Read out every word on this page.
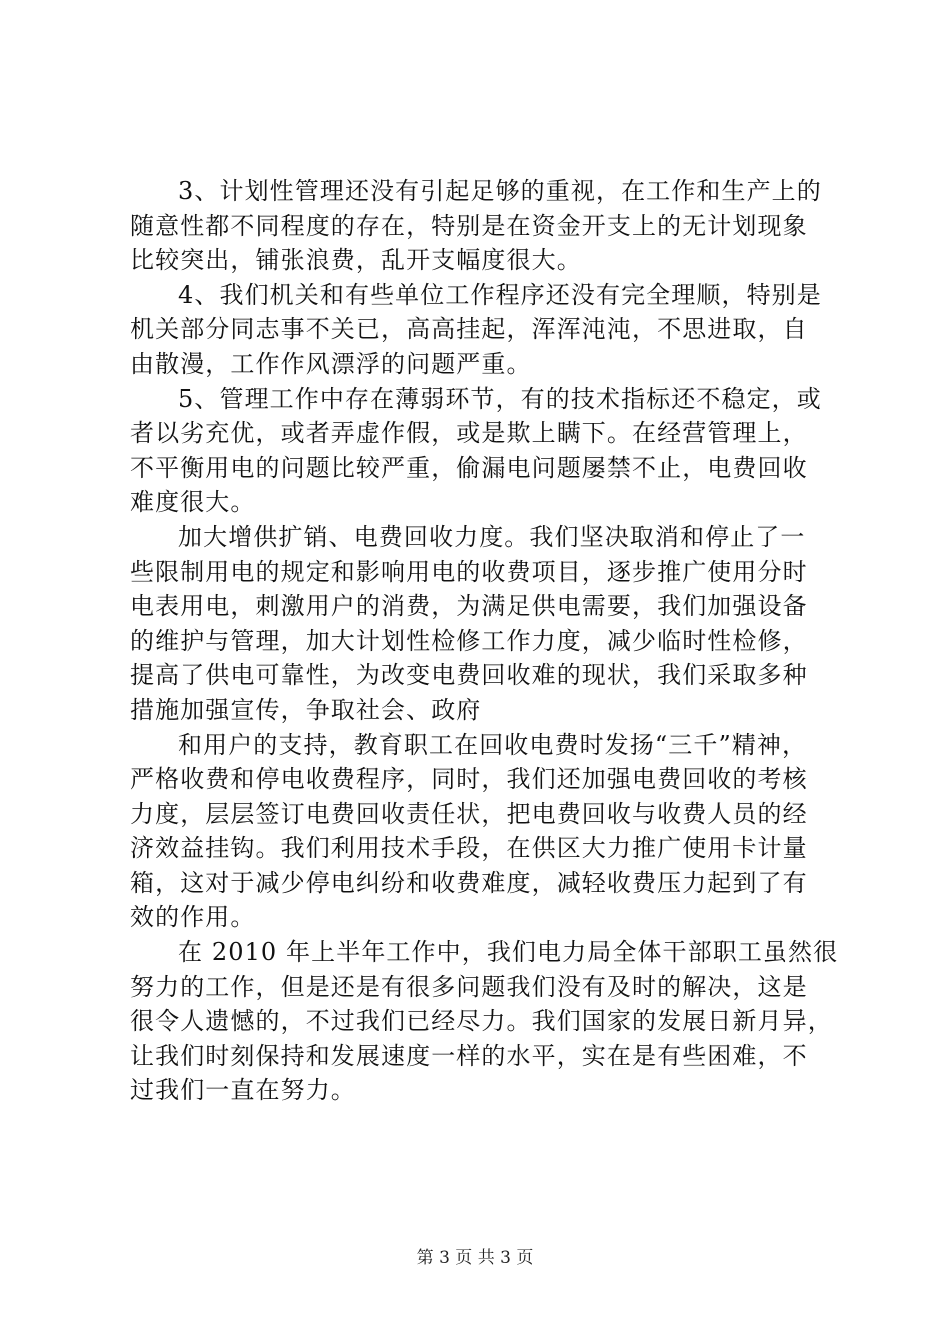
3、计划性管理还没有引起足够的重视，在工作和生产上的
随意性都不同程度的存在，特别是在资金开支上的无计划现象
比较突出，铺张浪费，乱开支幅度很大。
4、我们机关和有些单位工作程序还没有完全理顺，特别是
机关部分同志事不关已，高高挂起，浑浑沌沌，不思进取，自
由散漫，工作作风漂浮的问题严重。
5、管理工作中存在薄弱环节，有的技术指标还不稳定，或
者以劣充优，或者弄虚作假，或是欺上瞒下。在经营管理上，
不平衡用电的问题比较严重，偷漏电问题屡禁不止，电费回收
难度很大。
加大增供扩销、电费回收力度。我们坚决取消和停止了一
些限制用电的规定和影响用电的收费项目，逐步推广使用分时
电表用电，刺激用户的消费，为满足供电需要，我们加强设备
的维护与管理，加大计划性检修工作力度，减少临时性检修，
提高了供电可靠性，为改变电费回收难的现状，我们采取多种
措施加强宣传，争取社会、政府
和用户的支持，教育职工在回收电费时发扬“三千”精神，
严格收费和停电收费程序，同时，我们还加强电费回收的考核
力度，层层签订电费回收责任状，把电费回收与收费人员的经
济效益挂钩。我们利用技术手段，在供区大力推广使用卡计量
箱，这对于减少停电纠纷和收费难度，减轻收费压力起到了有
效的作用。
在 2010 年上半年工作中，我们电力局全体干部职工虽然很
努力的工作，但是还是有很多问题我们没有及时的解决，这是
很令人遗憾的，不过我们已经尽力。我们国家的发展日新月异，
让我们时刻保持和发展速度一样的水平，实在是有些困难，不
过我们一直在努力。
第 3 页 共 3 页
